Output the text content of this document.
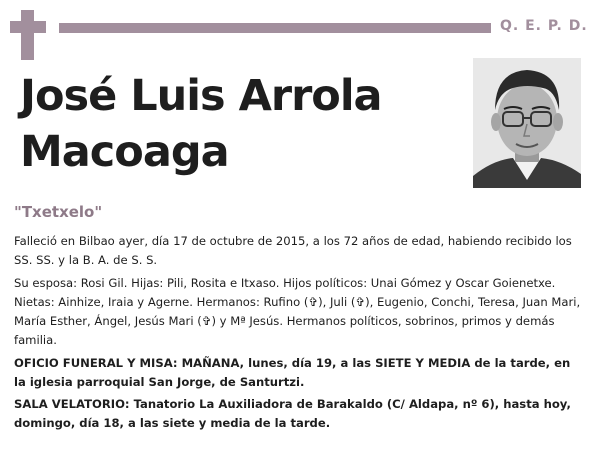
Q. E. P. D.
José Luis Arrola
Macoaga
"Txetxelo"

Falleció en Bilbao ayer, día 17 de octubre de 2015, a los 72 años de edad, habiendo recibido los SS. SS. y la B. A. de S. S.

Su esposa: Rosi Gil. Hijas: Pili, Rosita e Itxaso. Hijos políticos: Unai Gómez y Oscar Goienetxe. Nietas: Ainhize, Iraia y Agerne. Hermanos: Rufino (✞), Juli (✞), Eugenio, Conchi, Teresa, Juan Mari, María Esther, Ángel, Jesús Mari (✞) y Mª Jesús. Hermanos políticos, sobrinos, primos y demás familia.

OFICIO FUNERAL Y MISA: MAÑANA, lunes, día 19, a las SIETE Y MEDIA de la tarde, en la iglesia parroquial San Jorge, de Santurtzi.

SALA VELATORIO: Tanatorio La Auxiliadora de Barakaldo (C/ Aldapa, nº 6), hasta hoy, domingo, día 18, a las siete y media de la tarde.
